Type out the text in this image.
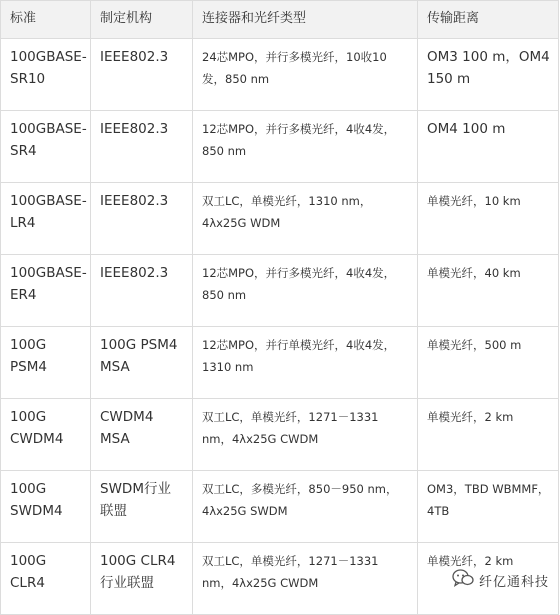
标准	制定机构	连接器和光纤类型	传输距离
100GBASE-SR10	IEEE802.3	24芯MPO，并行多模光纤，10收10发，850 nm	OM3 100 m，OM4 150 m
100GBASE-SR4	IEEE802.3	12芯MPO，并行多模光纤，4收4发，850 nm	OM4 100 m
100GBASE-LR4	IEEE802.3	双工LC，单模光纤，1310 nm，4λx25G WDM	单模光纤，10 km
100GBASE-ER4	IEEE802.3	12芯MPO，并行多模光纤，4收4发，850 nm	单模光纤，40 km
100G PSM4	100G PSM4 MSA	12芯MPO，并行单模光纤，4收4发，1310 nm	单模光纤，500 m
100G CWDM4	CWDM4 MSA	双工LC，单模光纤，1271－1331 nm，4λx25G CWDM	单模光纤，2 km
100G SWDM4	SWDM行业联盟	双工LC，多模光纤，850－950 nm，4λx25G SWDM	OM3，TBD WBMMF，4TB
100G CLR4	100G CLR4行业联盟	双工LC，单模光纤，1271－1331 nm，4λx25G CWDM	单模光纤，2 km
纤亿通科技
